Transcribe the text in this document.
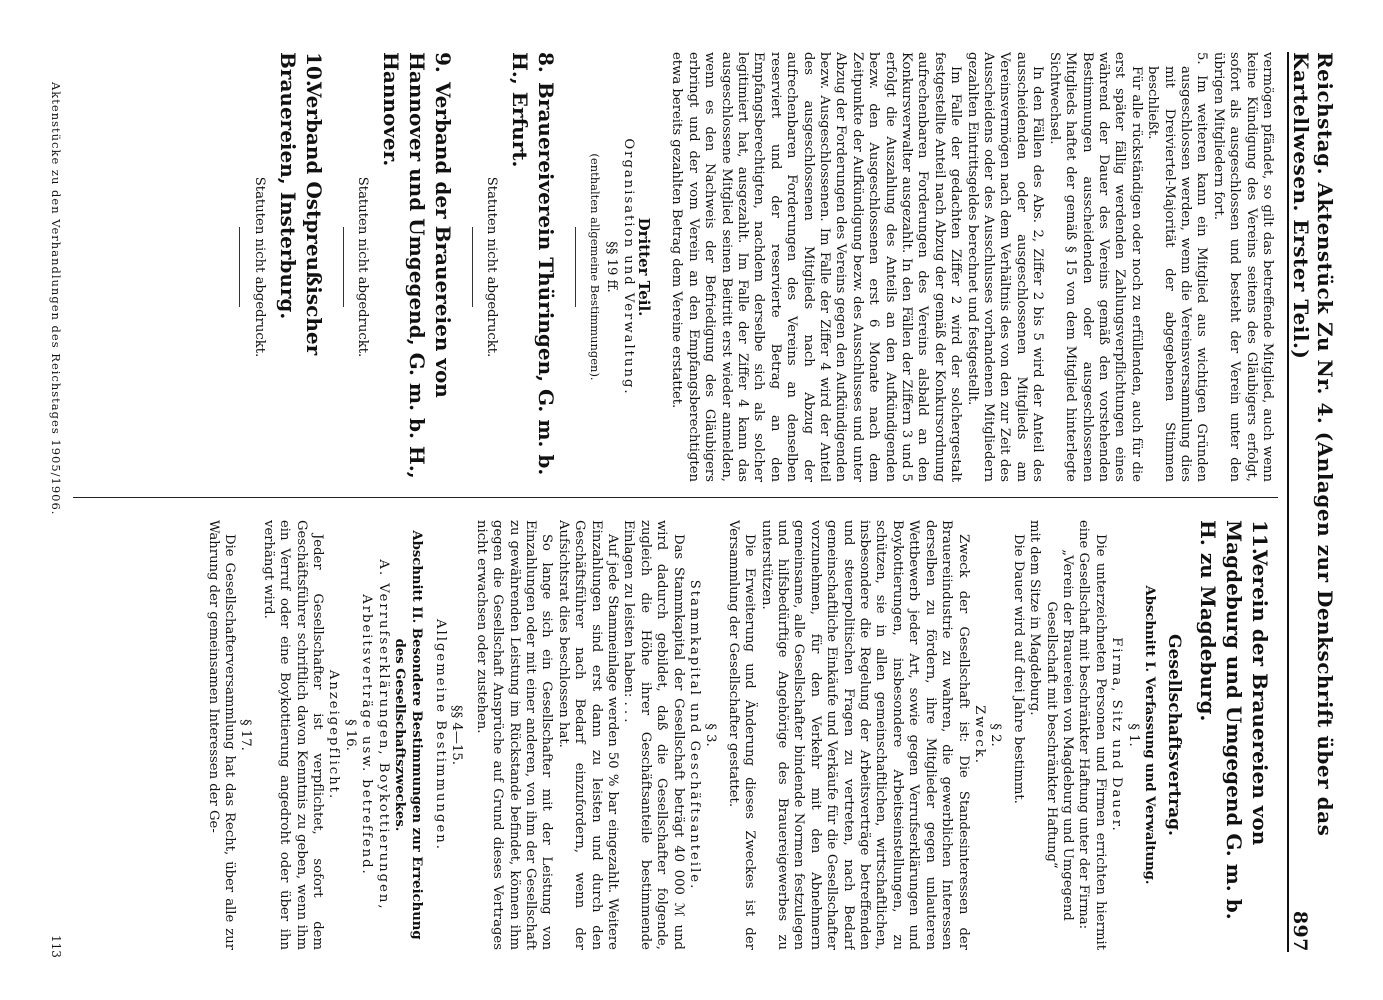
Reichstag. Aktenstück Zu Nr. 4. (Anlagen zur Denkschrift über das Kartellwesen. Erster Teil.)
897

vermögen pfändet, so gilt das betreffende Mitglied, auch wenn keine Kündigung des Vereins seitens des Gläubigers erfolgt, sofort als ausgeschlossen und besteht der Verein unter den übrigen Mitgliedern fort.

5. Im weiteren kann ein Mitglied aus wichtigen Gründen ausgeschlossen werden, wenn die Vereinsversammlung dies mit Dreiviertel-Majorität der abgegebenen Stimmen beschließt.

Für alle rückständigen oder noch zu erfüllenden, auch für die erst später fällig werdenden Zahlungsverpflichtungen eines während der Dauer des Vereins gemäß den vorstehenden Bestimmungen ausscheidenden oder ausgeschlossenen Mitglieds haftet der gemäß § 15 von dem Mitglied hinterlegte Sichtwechsel.

In den Fällen des Abs. 2, Ziffer 2 bis 5 wird der Anteil des ausscheidenden oder ausgeschlossenen Mitglieds am Vereinsvermögen nach dem Verhältnis des von den zur Zeit des Ausscheidens oder des Ausschlusses vorhandenen Mitgliedern gezahlten Eintrittsgeldes berechnet und festgestellt.

Im Falle der gedachten Ziffer 2 wird der solchergestalt festgestellte Anteil nach Abzug der gemäß der Konkursordnung aufrechenbaren Forderungen des Vereins alsbald an den Konkursverwalter ausgezahlt. In den Fällen der Ziffern 3 und 5 erfolgt die Auszahlung des Anteils an den Aufkündigenden bezw. den Ausgeschlossenen erst 6 Monate nach dem Zeitpunkte der Aufkündigung bezw. des Ausschlusses und unter Abzug der Forderungen des Vereins gegen den Aufkündigenden bezw. Ausgeschlossenen. Im Falle der Ziffer 4 wird der Anteil des ausgeschlossenen Mitglieds nach Abzug der aufrechenbaren Forderungen des Vereins an denselben reserviert und der reservierte Betrag an den Empfangsberechtigten, nachdem derselbe sich als solcher legitimiert hat, ausgezahlt. Im Falle der Ziffer 4 kann das ausgeschlossene Mitglied seinen Beitritt erst wieder anmelden, wenn es den Nachweis der Befriedigung des Gläubigers erbringt und der vom Verein an den Empfangsberechtigten etwa bereits gezahlten Betrag dem Vereine erstattet.

Dritter Teil.

Organisation und Verwaltung.

§§ 19 ff.

(enthalten allgemeine Bestimmungen).

8.Brauereiverein Thüringen, G. m. b. H., Erfurt.

Statuten nicht abgedruckt.

9.Verband der Brauereien von Hannover und Umgegend, G. m. b. H., Hannover.

Statuten nicht abgedruckt.

10.Verband Ostpreußischer Brauereien, Insterburg.

Statuten nicht abgedruckt.

11.Verein der Brauereien von Magdeburg und Umgegend G. m. b. H. zu Magdeburg.

Gesellschaftsvertrag.

Abschnitt I. Verfassung und Verwaltung.

§ 1.

Firma, Sitz und Dauer.

Die unterzeichneten Personen und Firmen errichten hiermit eine Gesellschaft mit beschränkter Haftung unter der Firma:

„Verein der Brauereien von Magdeburg und Umgegend Gesellschaft mit beschränkter Haftung“

mit dem Sitze in Magdeburg.

Die Dauer wird auf drei Jahre bestimmt.

§ 2.

Zweck.

Zweck der Gesellschaft ist: Die Standesinteressen der Brauereiindustrie zu wahren, die gewerblichen Interessen derselben zu fördern, ihre Mitglieder gegen unlauteren Wettbewerb jeder Art, sowie gegen Verrufserklärungen und Boykottierungen, insbesondere Arbeitseinstellungen, zu schützen, sie in allen gemeinschaftlichen, wirtschaftlichen, insbesondere die Regelung der Arbeitsverträge betreffenden und steuerpolitischen Fragen zu vertreten, nach Bedarf gemeinschaftliche Einkäufe und Verkäufe für die Gesellschafter vorzunehmen, für den Verkehr mit den Abnehmern gemeinsame, alle Gesellschafter bindende Normen festzulegen und hilfsbedürftige Angehörige des Brauereigewerbes zu unterstützen.

Die Erweiterung und Änderung dieses Zweckes ist der Versammlung der Gesellschafter gestattet.

§ 3.

Stammkapital und Geschäftsanteile.

Das Stammkapital der Gesellschaft beträgt 40 000 ℳ und wird dadurch gebildet, daß die Gesellschafter folgende, zugleich die Höhe ihrer Geschäftsanteile bestimmende Einlagen zu leisten haben: . . .

Auf jede Stammeinlage werden 50 % bar eingezahlt. Weitere Einzahlungen sind erst dann zu leisten und durch den Geschäftsführer nach Bedarf einzufordern, wenn der Aufsichtsrat dies beschlossen hat.

So lange sich ein Gesellschafter mit der Leistung von Einzahlungen oder mit einer anderen, von ihm der Gesellschaft zu gewährenden Leistung im Rückstande befindet, können ihm gegen die Gesellschaft Ansprüche auf Grund dieses Vertrages nicht erwachsen oder zustehen.

§§ 4—15.

Allgemeine Bestimmungen.

Abschnitt II. Besondere Bestimmungen zur Erreichung des Gesellschaftszweckes.

A. Verrufserklärungen, Boykottierungen, Arbeitsverträge usw. betreffend.

§ 16.

Anzeigepflicht.

Jeder Gesellschafter ist verpflichtet, sofort dem Geschäftsführer schriftlich davon Kenntnis zu geben, wenn ihm ein Verruf oder eine Boykottierung angedroht oder über ihn verhängt wird.

§ 17.

Die Gesellschafterversammlung hat das Recht, über alle zur Wahrung der gemeinsamen Interessen der Ge-

Aktenstücke zu den Verhandlungen des Reichstages 1905/1906.
113
